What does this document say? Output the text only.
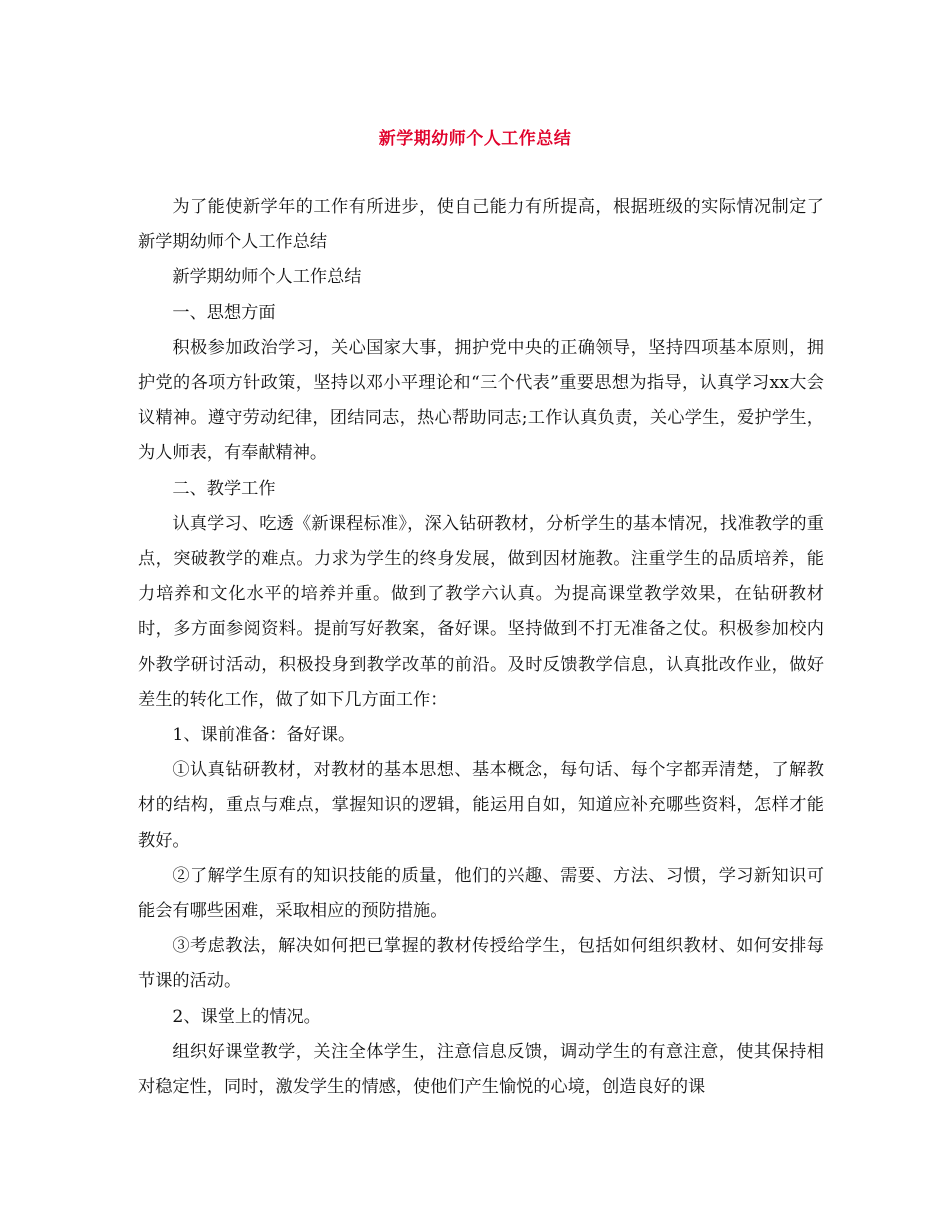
新学期幼师个人工作总结

为了能使新学年的工作有所进步，使自己能力有所提高，根据班级的实际情况制定了新学期幼师个人工作总结

新学期幼师个人工作总结

一、思想方面

积极参加政治学习，关心国家大事，拥护党中央的正确领导，坚持四项基本原则，拥护党的各项方针政策，坚持以邓小平理论和“三个代表”重要思想为指导，认真学习xx大会议精神。遵守劳动纪律，团结同志，热心帮助同志;工作认真负责，关心学生，爱护学生，为人师表，有奉献精神。

二、教学工作

认真学习、吃透《新课程标准》，深入钻研教材，分析学生的基本情况，找准教学的重点，突破教学的难点。力求为学生的终身发展，做到因材施教。注重学生的品质培养，能力培养和文化水平的培养并重。做到了教学六认真。为提高课堂教学效果，在钻研教材时，多方面参阅资料。提前写好教案，备好课。坚持做到不打无准备之仗。积极参加校内外教学研讨活动，积极投身到教学改革的前沿。及时反馈教学信息，认真批改作业，做好差生的转化工作，做了如下几方面工作：

1、课前准备：备好课。

①认真钻研教材，对教材的基本思想、基本概念，每句话、每个字都弄清楚，了解教材的结构，重点与难点，掌握知识的逻辑，能运用自如，知道应补充哪些资料，怎样才能教好。

②了解学生原有的知识技能的质量，他们的兴趣、需要、方法、习惯，学习新知识可能会有哪些困难，采取相应的预防措施。

③考虑教法，解决如何把已掌握的教材传授给学生，包括如何组织教材、如何安排每节课的活动。

2、课堂上的情况。

组织好课堂教学，关注全体学生，注意信息反馈，调动学生的有意注意，使其保持相对稳定性，同时，激发学生的情感，使他们产生愉悦的心境，创造良好的课
